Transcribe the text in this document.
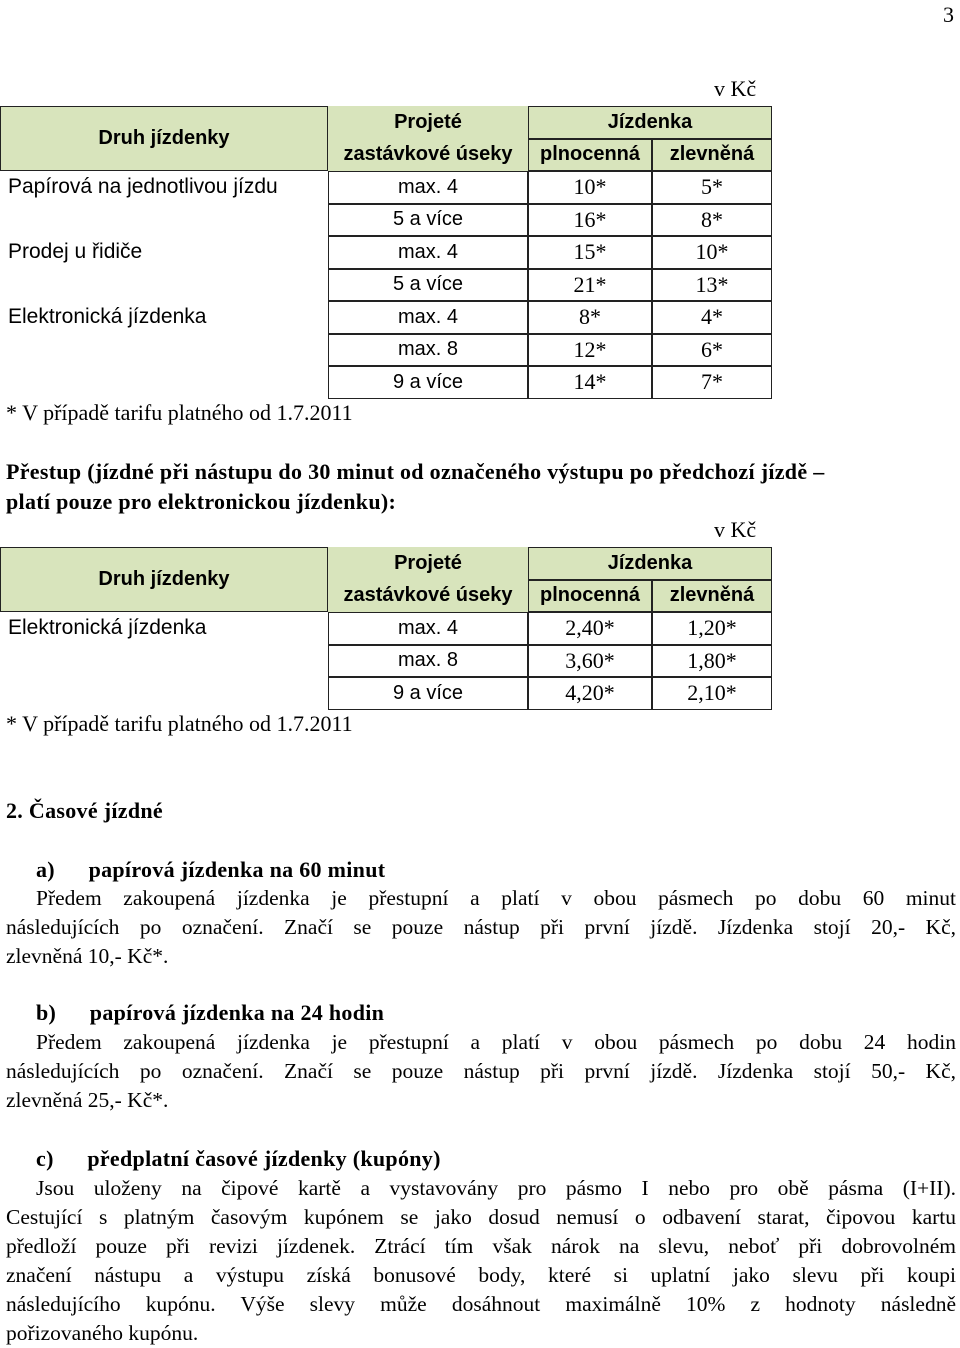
3
v Kč
Druh jízdenky
Projeté	Jízdenka
zastávkové úseky	plnocenná	zlevněná
Papírová na jednotlivou jízdu	max. 4	10*	5*
5 a více	16*	8*
Prodej u řidiče	max. 4	15*	10*
5 a více	21*	13*
Elektronická jízdenka	max. 4	8*	4*
max. 8	12*	6*
9 a více	14*	7*
* V případě tarifu platného od 1.7.2011
Přestup (jízdné při nástupu do 30 minut od označeného výstupu po předchozí jízdě –
platí pouze pro elektronickou jízdenku):
v Kč
Druh jízdenky
Projeté	Jízdenka
zastávkové úseky	plnocenná	zlevněná
Elektronická jízdenka	max. 4	2,40*	1,20*
max. 8	3,60*	1,80*
9 a více	4,20*	2,10*
* V případě tarifu platného od 1.7.2011
2. Časové jízdné
a) papírová jízdenka na 60 minut
Předem zakoupená jízdenka je přestupní a platí v obou pásmech po dobu 60 minut
následujících po označení. Značí se pouze nástup při první jízdě. Jízdenka stojí 20,- Kč,
zlevněná 10,- Kč*.
b) papírová jízdenka na 24 hodin
Předem zakoupená jízdenka je přestupní a platí v obou pásmech po dobu 24 hodin
následujících po označení. Značí se pouze nástup při první jízdě. Jízdenka stojí 50,- Kč,
zlevněná 25,- Kč*.
c) předplatní časové jízdenky (kupóny)
Jsou uloženy na čipové kartě a vystavovány pro pásmo I nebo pro obě pásma (I+II).
Cestující s platným časovým kupónem se jako dosud nemusí o odbavení starat, čipovou kartu
předloží pouze při revizi jízdenek. Ztrácí tím však nárok na slevu, neboť při dobrovolném
značení nástupu a výstupu získá bonusové body, které si uplatní jako slevu při koupi
následujícího kupónu. Výše slevy může dosáhnout maximálně 10% z hodnoty následně
pořizovaného kupónu.
